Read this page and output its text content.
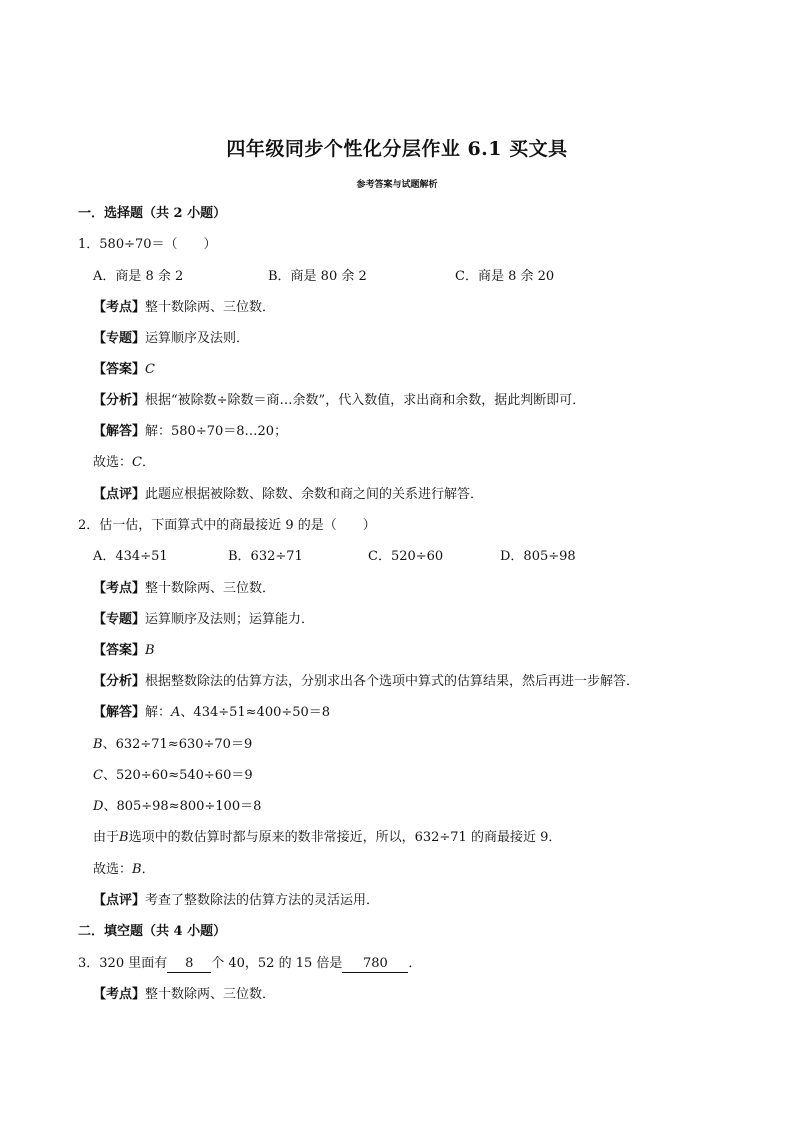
四年级同步个性化分层作业 6.1 买文具
参考答案与试题解析
一．选择题（共 2 小题）
1．580÷70＝（　　）
A．商是 8 余 2	B．商是 80 余 2	C．商是 8 余 20
【考点】整十数除两、三位数．
【专题】运算顺序及法则．
【答案】C
【分析】根据“被除数÷除数＝商…余数”，代入数值，求出商和余数，据此判断即可．
【解答】解：580÷70＝8…20；
故选：C．
【点评】此题应根据被除数、除数、余数和商之间的关系进行解答．
2．估一估，下面算式中的商最接近 9 的是（　　）
A．434÷51	B．632÷71	C．520÷60	D．805÷98
【考点】整十数除两、三位数．
【专题】运算顺序及法则；运算能力．
【答案】B
【分析】根据整数除法的估算方法，分别求出各个选项中算式的估算结果，然后再进一步解答．
【解答】解：A、434÷51≈400÷50＝8
B、632÷71≈630÷70＝9
C、520÷60≈540÷60＝9
D、805÷98≈800÷100＝8
由于B选项中的数估算时都与原来的数非常接近，所以，632÷71 的商最接近 9．
故选：B．
【点评】考查了整数除法的估算方法的灵活运用．
二．填空题（共 4 小题）
3．320 里面有 8 个 40，52 的 15 倍是 780 ．
【考点】整十数除两、三位数．
